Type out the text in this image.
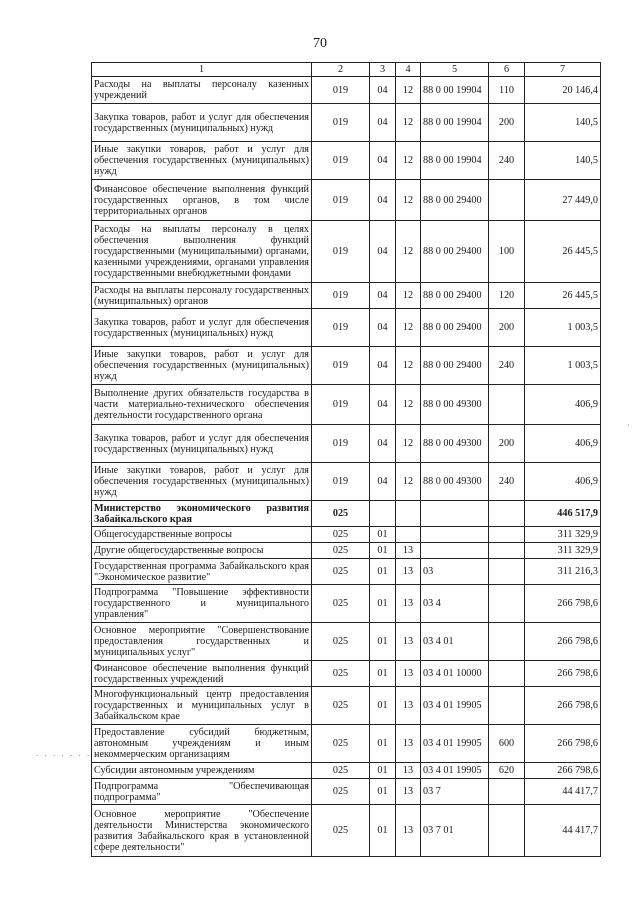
70
1	2	3	4	5	6	7
Расходы на выплаты персоналу казенных учреждений	019	04	12	88 0 00 19904	110	20 146,4
Закупка товаров, работ и услуг для обеспечения государственных (муниципальных) нужд	019	04	12	88 0 00 19904	200	140,5
Иные закупки товаров, работ и услуг для обеспечения государственных (муниципальных) нужд	019	04	12	88 0 00 19904	240	140,5
Финансовое обеспечение выполнения функций государственных органов, в том числе территориальных органов	019	04	12	88 0 00 29400		27 449,0
Расходы на выплаты персоналу в целях обеспечения выполнения функций государственными (муниципальными) органами, казенными учреждениями, органами управления государственными внебюджетными фондами	019	04	12	88 0 00 29400	100	26 445,5
Расходы на выплаты персоналу государственных (муниципальных) органов	019	04	12	88 0 00 29400	120	26 445,5
Закупка товаров, работ и услуг для обеспечения государственных (муниципальных) нужд	019	04	12	88 0 00 29400	200	1 003,5
Иные закупки товаров, работ и услуг для обеспечения государственных (муниципальных) нужд	019	04	12	88 0 00 29400	240	1 003,5
Выполнение других обязательств государства в части материально-технического обеспечения деятельности государственного органа	019	04	12	88 0 00 49300		406,9
Закупка товаров, работ и услуг для обеспечения государственных (муниципальных) нужд	019	04	12	88 0 00 49300	200	406,9
Иные закупки товаров, работ и услуг для обеспечения государственных (муниципальных) нужд	019	04	12	88 0 00 49300	240	406,9
Министерство экономического развития Забайкальского края	025					446 517,9
Общегосударственные вопросы	025	01				311 329,9
Другие общегосударственные вопросы	025	01	13			311 329,9
Государственная программа Забайкальского края "Экономическое развитие"	025	01	13	03		311 216,3
Подпрограмма "Повышение эффективности государственного и муниципального управления"	025	01	13	03 4		266 798,6
Основное мероприятие "Совершенствование предоставления государственных и муниципальных услуг"	025	01	13	03 4 01		266 798,6
Финансовое обеспечение выполнения функций государственных учреждений	025	01	13	03 4 01 10000		266 798,6
Многофункциональный центр предоставления государственных и муниципальных услуг в Забайкальском крае	025	01	13	03 4 01 19905		266 798,6
Предоставление субсидий бюджетным, автономным учреждениям и иным некоммерческим организациям	025	01	13	03 4 01 19905	600	266 798,6
Субсидии автономным учреждениям	025	01	13	03 4 01 19905	620	266 798,6
Подпрограмма "Обеспечивающая подпрограмма"	025	01	13	03 7		44 417,7
Основное мероприятие "Обеспечение деятельности Министерства экономического развития Забайкальского края в установленной сфере деятельности"	025	01	13	03 7 01		44 417,7
. . . . . . . . .
·
